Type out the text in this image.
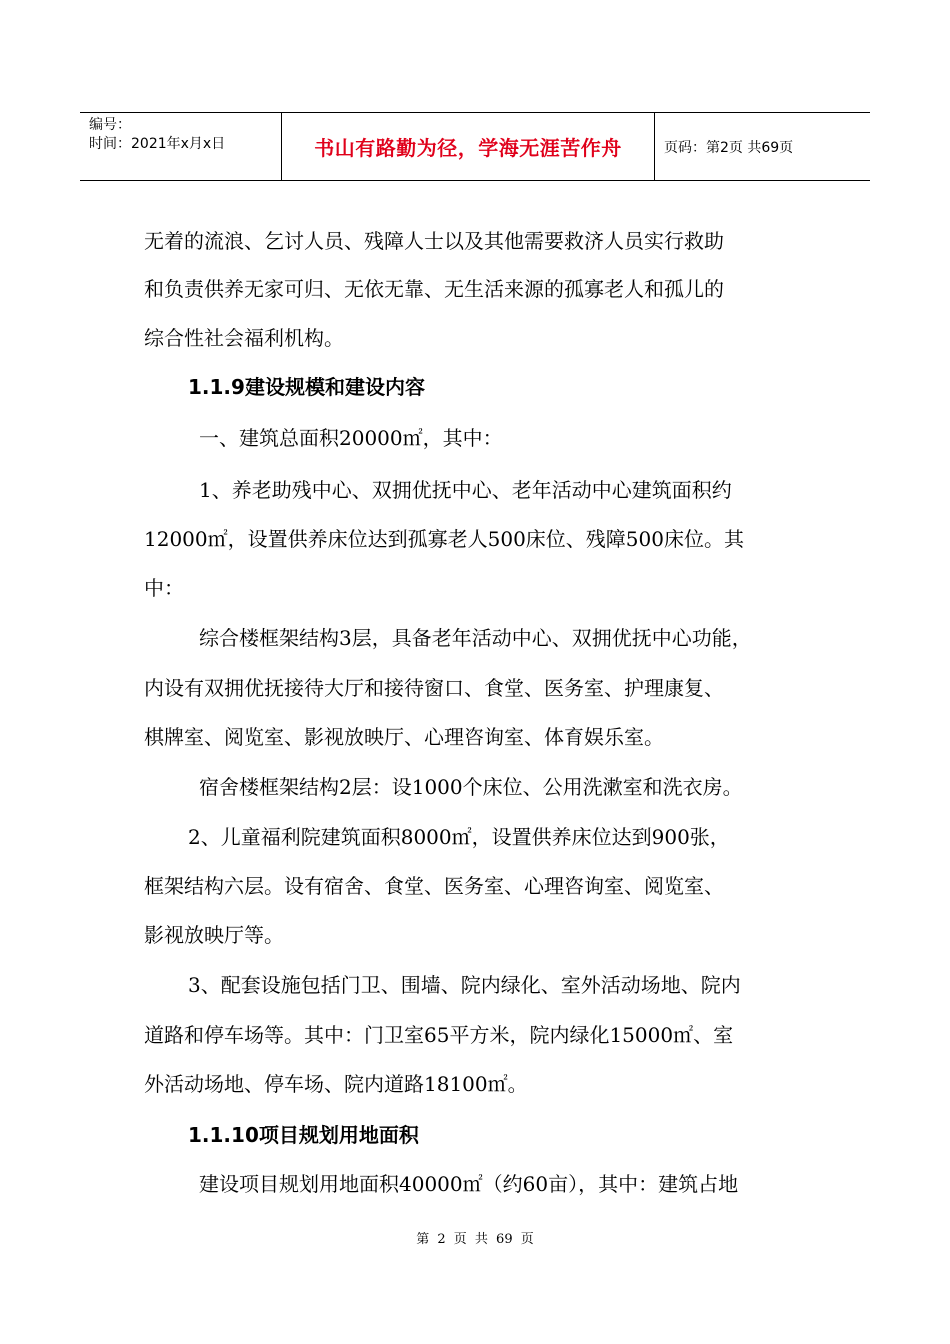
编号：
时间：2021年x月x日	书山有路勤为径，学海无涯苦作舟	页码：第2页 共69页
无着的流浪、乞讨人员、残障人士以及其他需要救济人员实行救助
和负责供养无家可归、无依无靠、无生活来源的孤寡老人和孤儿的
综合性社会福利机构。
1.1.9建设规模和建设内容
一、建筑总面积20000㎡，其中：
1、养老助残中心、双拥优抚中心、老年活动中心建筑面积约
12000㎡，设置供养床位达到孤寡老人500床位、残障500床位。其
中：
综合楼框架结构3层，具备老年活动中心、双拥优抚中心功能，
内设有双拥优抚接待大厅和接待窗口、食堂、医务室、护理康复、
棋牌室、阅览室、影视放映厅、心理咨询室、体育娱乐室。
宿舍楼框架结构2层：设1000个床位、公用洗漱室和洗衣房。
2、儿童福利院建筑面积8000㎡，设置供养床位达到900张，
框架结构六层。设有宿舍、食堂、医务室、心理咨询室、阅览室、
影视放映厅等。
3、配套设施包括门卫、围墙、院内绿化、室外活动场地、院内
道路和停车场等。其中：门卫室65平方米，院内绿化15000㎡、室
外活动场地、停车场、院内道路18100㎡。
1.1.10项目规划用地面积
建设项目规划用地面积40000㎡（约60亩），其中：建筑占地
第 2 页 共 69 页
